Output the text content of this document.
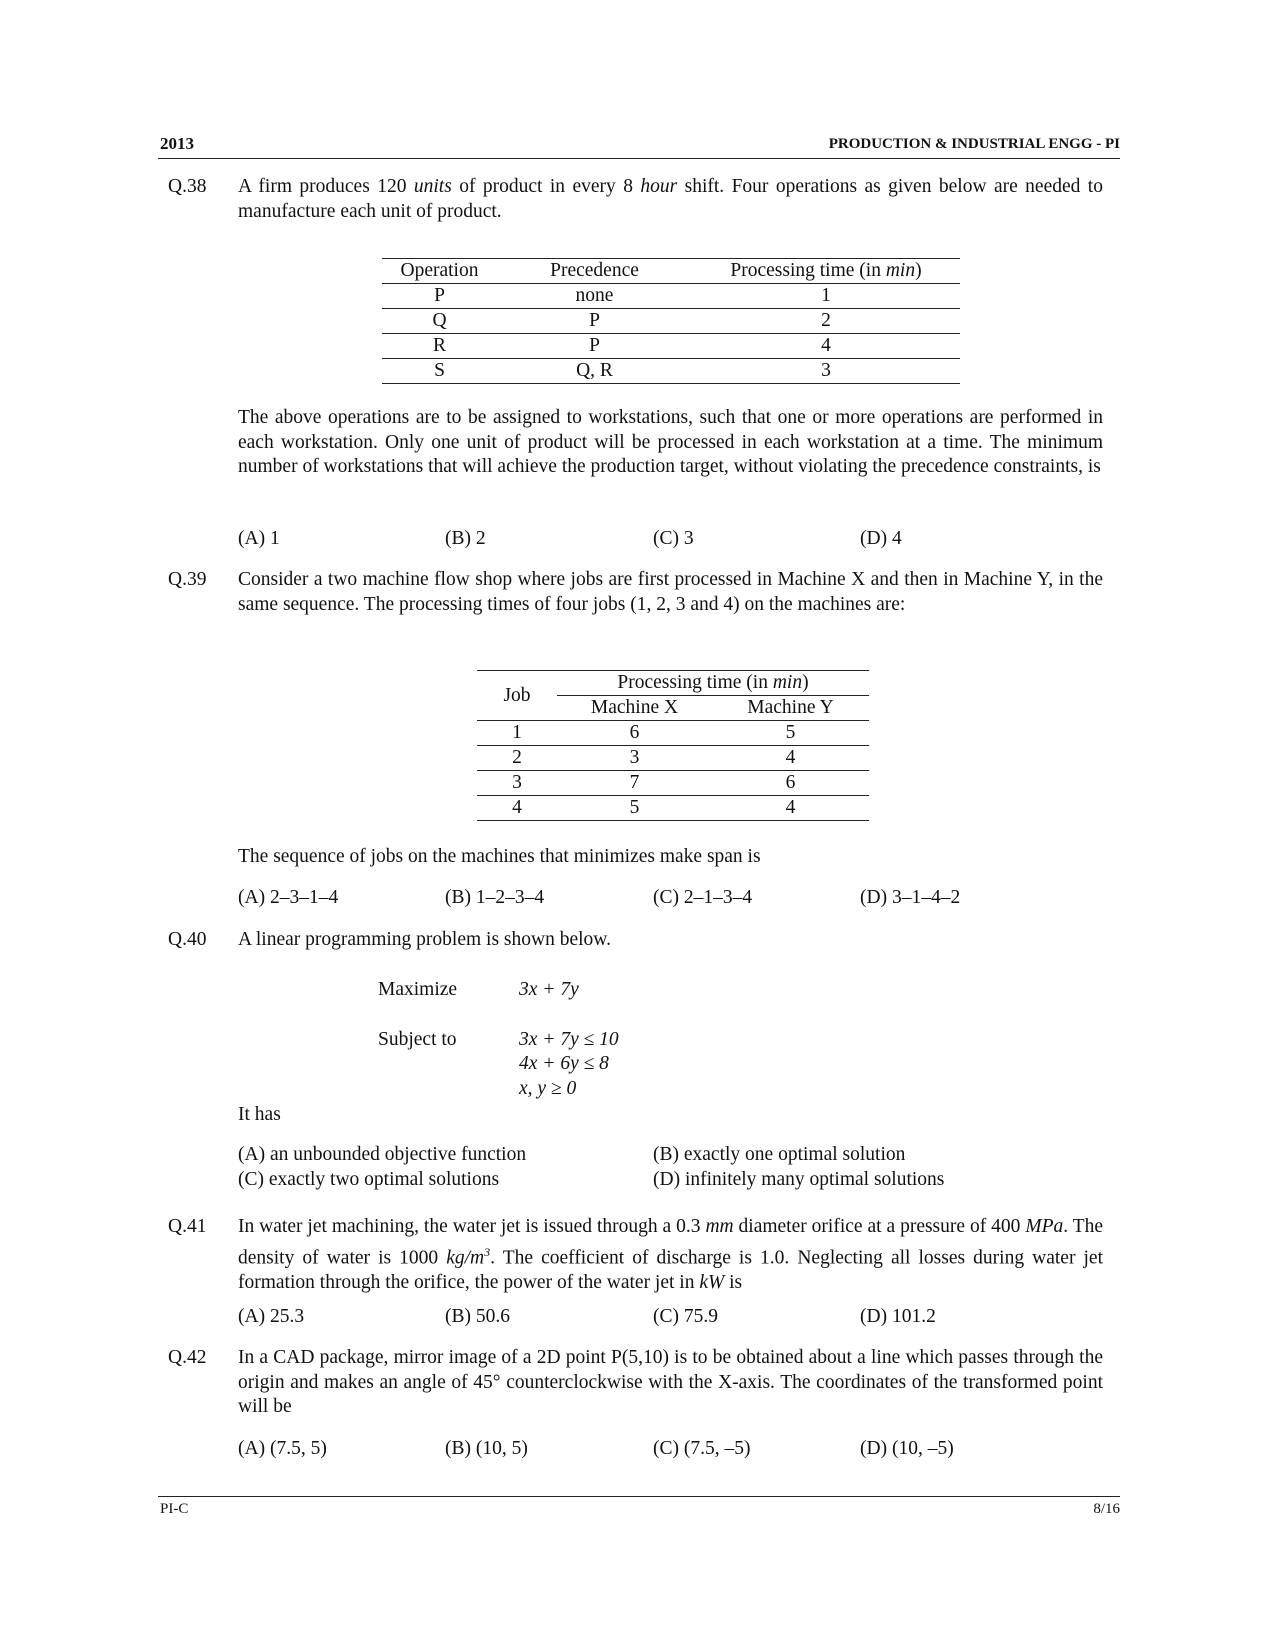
2013	PRODUCTION & INDUSTRIAL ENGG - PI
Q.38 A firm produces 120 units of product in every 8 hour shift. Four operations as given below are needed to manufacture each unit of product.
Operation	Precedence	Processing time (in min)
P	none	1
Q	P	2
R	P	4
S	Q, R	3
The above operations are to be assigned to workstations, such that one or more operations are performed in each workstation. Only one unit of product will be processed in each workstation at a time. The minimum number of workstations that will achieve the production target, without violating the precedence constraints, is
(A) 1	(B) 2	(C) 3	(D) 4
Q.39 Consider a two machine flow shop where jobs are first processed in Machine X and then in Machine Y, in the same sequence. The processing times of four jobs (1, 2, 3 and 4) on the machines are:
Job	Processing time (in min)	
	Machine X	Machine Y
1	6	5
2	3	4
3	7	6
4	5	4
The sequence of jobs on the machines that minimizes make span is
(A) 2–3–1–4	(B) 1–2–3–4	(C) 2–1–3–4	(D) 3–1–4–2
Q.40 A linear programming problem is shown below.
Maximize	3x + 7y
Subject to	3x + 7y ≤ 10
4x + 6y ≤ 8
x, y ≥ 0
It has
(A) an unbounded objective function	(B) exactly one optimal solution
(C) exactly two optimal solutions	(D) infinitely many optimal solutions
Q.41 In water jet machining, the water jet is issued through a 0.3 mm diameter orifice at a pressure of 400 MPa. The density of water is 1000 $kg/m^3$. The coefficient of discharge is 1.0. Neglecting all losses during water jet formation through the orifice, the power of the water jet in kW is
(A) 25.3	(B) 50.6	(C) 75.9	(D) 101.2
Q.42 In a CAD package, mirror image of a 2D point P(5,10) is to be obtained about a line which passes through the origin and makes an angle of 45° counterclockwise with the X-axis. The coordinates of the transformed point will be
(A) (7.5, 5)	(B) (10, 5)	(C) (7.5, –5)	(D) (10, –5)
PI-C	8/16
